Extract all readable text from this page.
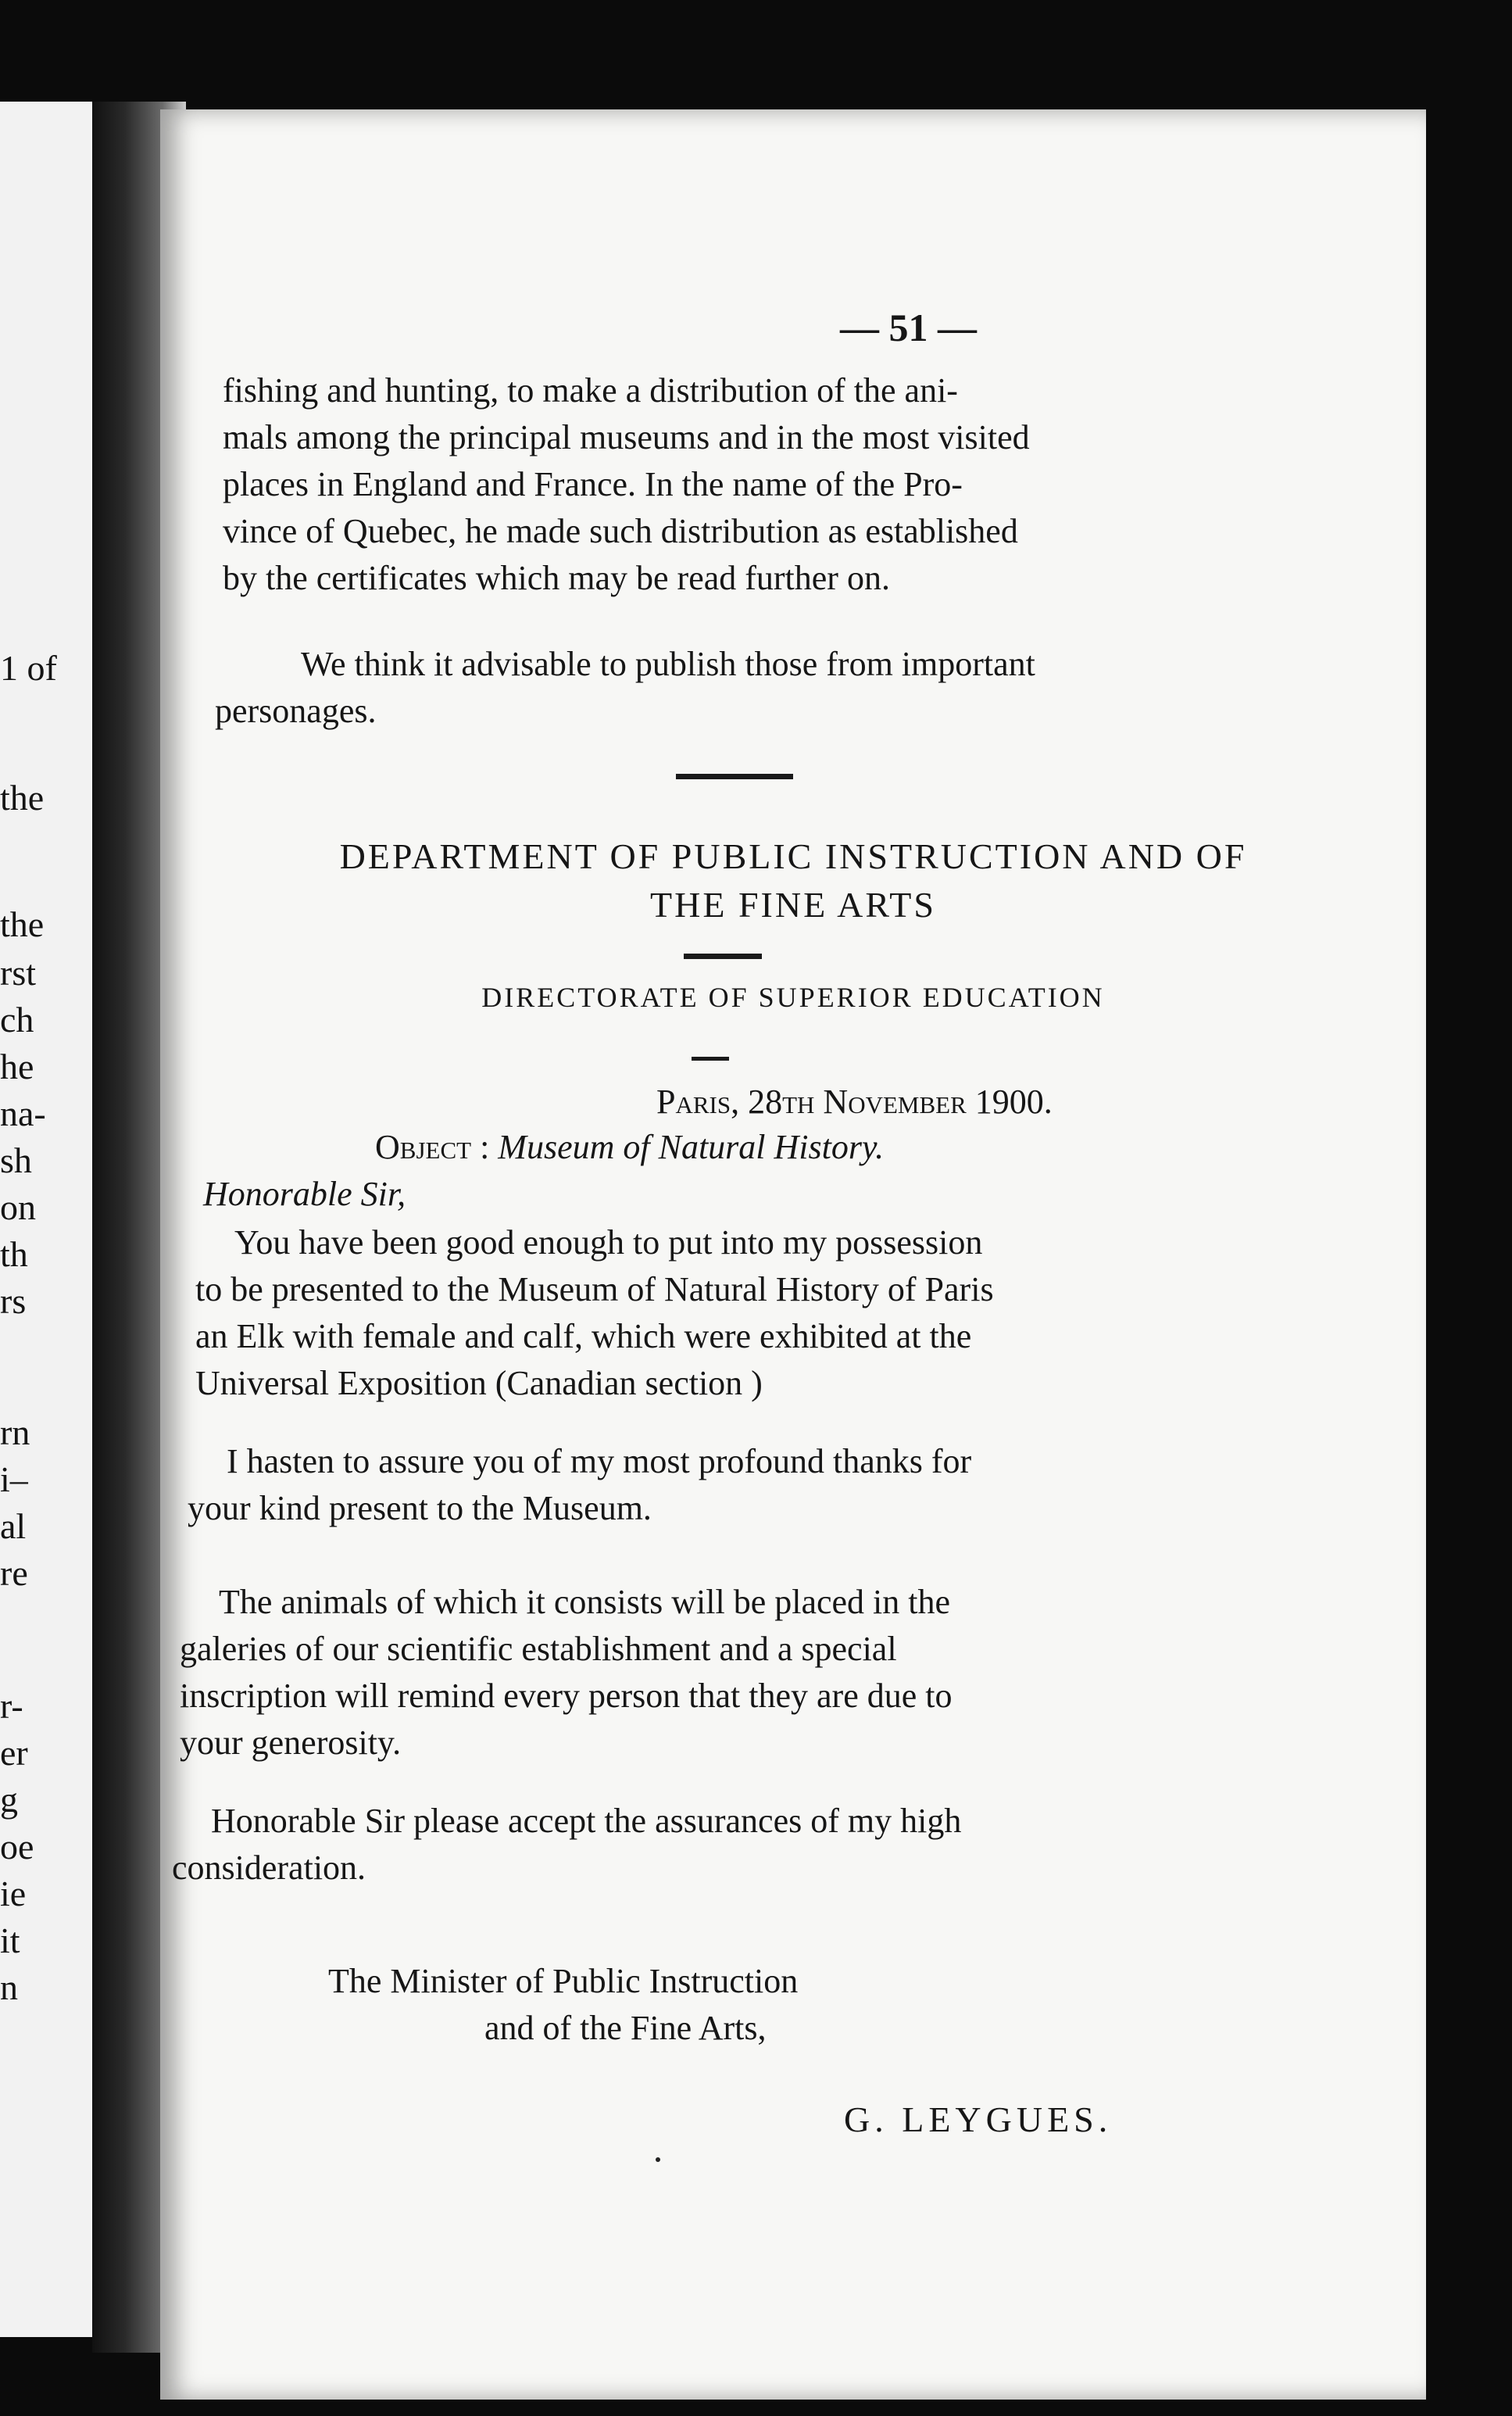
1 of
the
the
rst
ch
he
na-
sh
on
th
rs
rn
i–
al
re
r-
er
g
oe
ie
it
n
— 51 —
fishing and hunting, to make a distribution of the ani-
mals among the principal museums and in the most visited
places in England and France. In the name of the Pro-
vince of Quebec, he made such distribution as established
by the certificates which may be read further on.
We think it advisable to publish those from important
personages.
DEPARTMENT OF PUBLIC INSTRUCTION AND OF
THE FINE ARTS
DIRECTORATE OF SUPERIOR EDUCATION
Paris, 28th November 1900.
Object : Museum of Natural History.
Honorable Sir,
You have been good enough to put into my possession
to be presented to the Museum of Natural History of Paris
an Elk with female and calf, which were exhibited at the
Universal Exposition (Canadian section )
I hasten to assure you of my most profound thanks for
your kind present to the Museum.
The animals of which it consists will be placed in the
galeries of our scientific establishment and a special
inscription will remind every person that they are due to
your generosity.
Honorable Sir please accept the assurances of my high
consideration.
The Minister of Public Instruction
and of the Fine Arts,
G. LEYGUES.
